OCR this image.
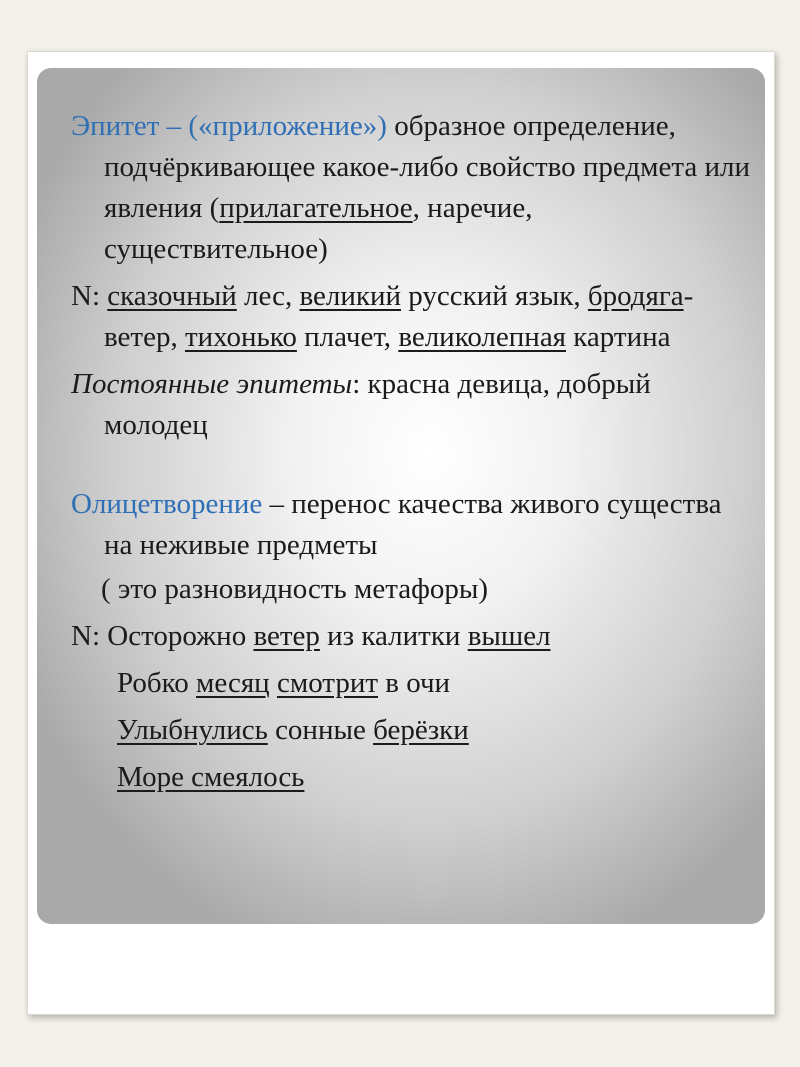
Эпитет – («приложение») образное определение, подчёркивающее какое-либо свойство предмета или явления (прилагательное, наречие, существительное)

N: сказочный лес, великий русский язык, бродяга-ветер, тихонько плачет, великолепная картина

Постоянные эпитеты: красна девица, добрый молодец

Олицетворение – перенос качества живого существа на неживые предметы

( это разновидность метафоры)

N: Осторожно ветер из калитки вышел

Робко месяц смотрит в очи

Улыбнулись сонные берёзки

Море смеялось
